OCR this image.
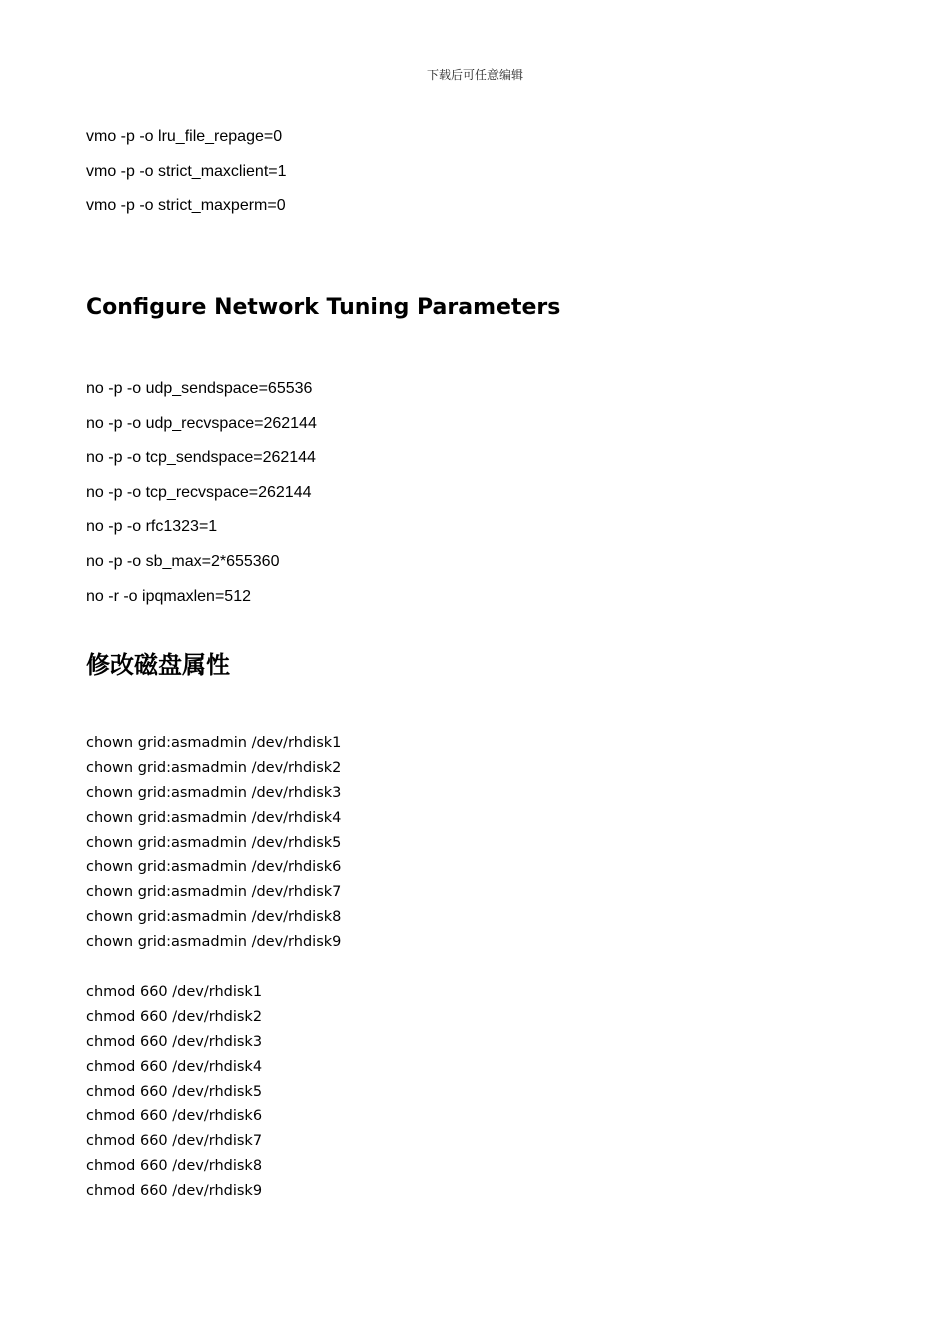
下载后可任意编辑
vmo -p -o lru_file_repage=0
vmo -p -o strict_maxclient=1
vmo -p -o strict_maxperm=0
Configure Network Tuning Parameters
no -p -o udp_sendspace=65536
no -p -o udp_recvspace=262144
no -p -o tcp_sendspace=262144
no -p -o tcp_recvspace=262144
no -p -o rfc1323=1
no -p -o sb_max=2*655360
no -r -o ipqmaxlen=512
修改磁盘属性
chown grid:asmadmin /dev/rhdisk1
chown grid:asmadmin /dev/rhdisk2
chown grid:asmadmin /dev/rhdisk3
chown grid:asmadmin /dev/rhdisk4
chown grid:asmadmin /dev/rhdisk5
chown grid:asmadmin /dev/rhdisk6
chown grid:asmadmin /dev/rhdisk7
chown grid:asmadmin /dev/rhdisk8
chown grid:asmadmin /dev/rhdisk9
chmod 660 /dev/rhdisk1
chmod 660 /dev/rhdisk2
chmod 660 /dev/rhdisk3
chmod 660 /dev/rhdisk4
chmod 660 /dev/rhdisk5
chmod 660 /dev/rhdisk6
chmod 660 /dev/rhdisk7
chmod 660 /dev/rhdisk8
chmod 660 /dev/rhdisk9
